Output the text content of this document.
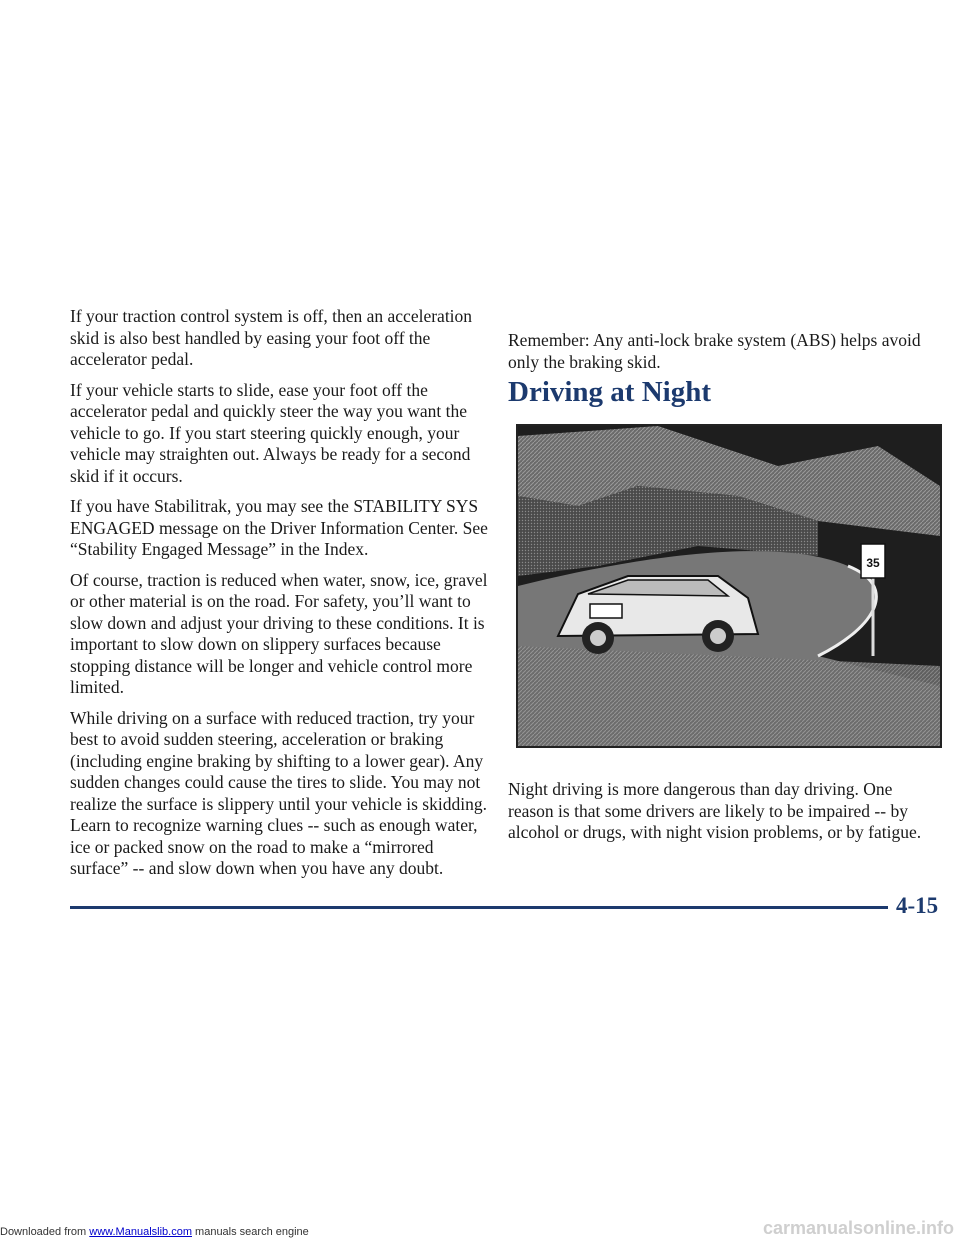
If your traction control system is off, then an acceleration skid is also best handled by easing your foot off the accelerator pedal.

If your vehicle starts to slide, ease your foot off the accelerator pedal and quickly steer the way you want the vehicle to go. If you start steering quickly enough, your vehicle may straighten out. Always be ready for a second skid if it occurs.

If you have Stabilitrak, you may see the STABILITY SYS ENGAGED message on the Driver Information Center. See “Stability Engaged Message” in the Index.

Of course, traction is reduced when water, snow, ice, gravel or other material is on the road. For safety, you’ll want to slow down and adjust your driving to these conditions. It is important to slow down on slippery surfaces because stopping distance will be longer and vehicle control more limited.

While driving on a surface with reduced traction, try your best to avoid sudden steering, acceleration or braking (including engine braking by shifting to a lower gear). Any sudden changes could cause the tires to slide. You may not realize the surface is slippery until your vehicle is skidding. Learn to recognize warning clues -- such as enough water, ice or packed snow on the road to make a “mirrored surface” -- and slow down when you have any doubt.

Remember: Any anti-lock brake system (ABS) helps avoid only the braking skid.

Driving at Night
35

Night driving is more dangerous than day driving. One reason is that some drivers are likely to be impaired -- by alcohol or drugs, with night vision problems, or by fatigue.

4-15
Downloaded from www.Manualslib.com manuals search engine	carmanualsonline.info
